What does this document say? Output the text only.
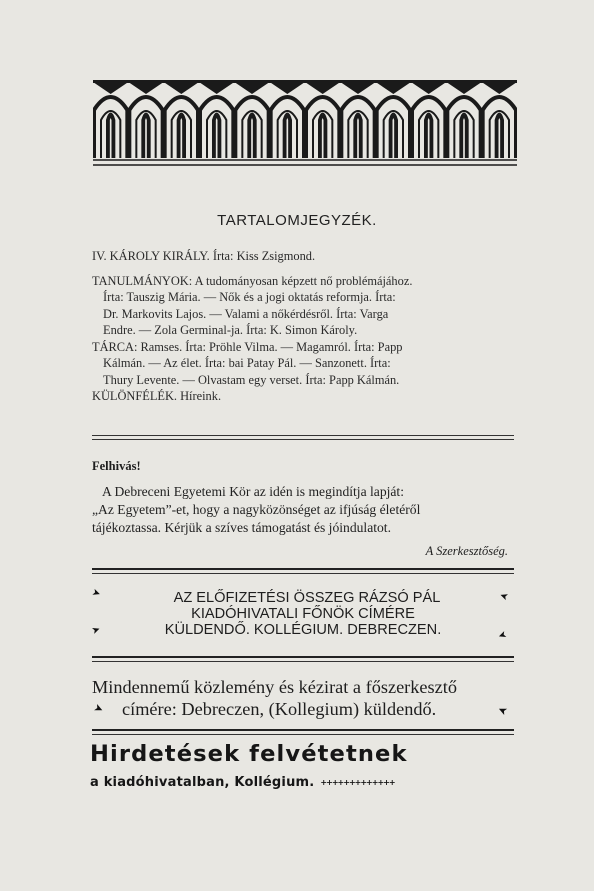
TARTALOMJEGYZÉK.

IV. KÁROLY KIRÁLY. Írta: Kiss Zsigmond.

TANULMÁNYOK: A tudományosan képzett nő problémájához.

Írta: Tauszig Mária. — Nők és a jogi oktatás reformja. Írta:

Dr. Markovits Lajos. — Valami a nőkérdésről. Írta: Varga

Endre. — Zola Germinal-ja. Írta: K. Simon Károly.

TÁRCA: Ramses. Írta: Pröhle Vilma. — Magamról. Írta: Papp

Kálmán. — Az élet. Írta: bai Patay Pál. — Sanzonett. Írta:

Thury Levente. — Olvastam egy verset. Írta: Papp Kálmán.

KÜLÖNFÉLÉK. Híreink.

Felhivás!

A Debreceni Egyetemi Kör az idén is megindítja lapját:

„Az Egyetem”-et, hogy a nagyközönséget az ifjúság életéről

tájékoztassa. Kérjük a szíves támogatást és jóindulatot.

A Szerkesztőség.
➤	➤
➤	➤
AZ ELŐFIZETÉSI ÖSSZEG RÁZSÓ PÁL
KIADÓHIVATALI FŐNÖK CÍMÉRE
KÜLDENDŐ. KOLLÉGIUM. DEBRECZEN.

Mindennemű közlemény és kézirat a főszerkesztő

címére: Debreczen, (Kollegium) küldendő.

➤	➤
Hirdetések felvétetnek
a kiadóhivatalban, Kollégium. +++++++++++++
